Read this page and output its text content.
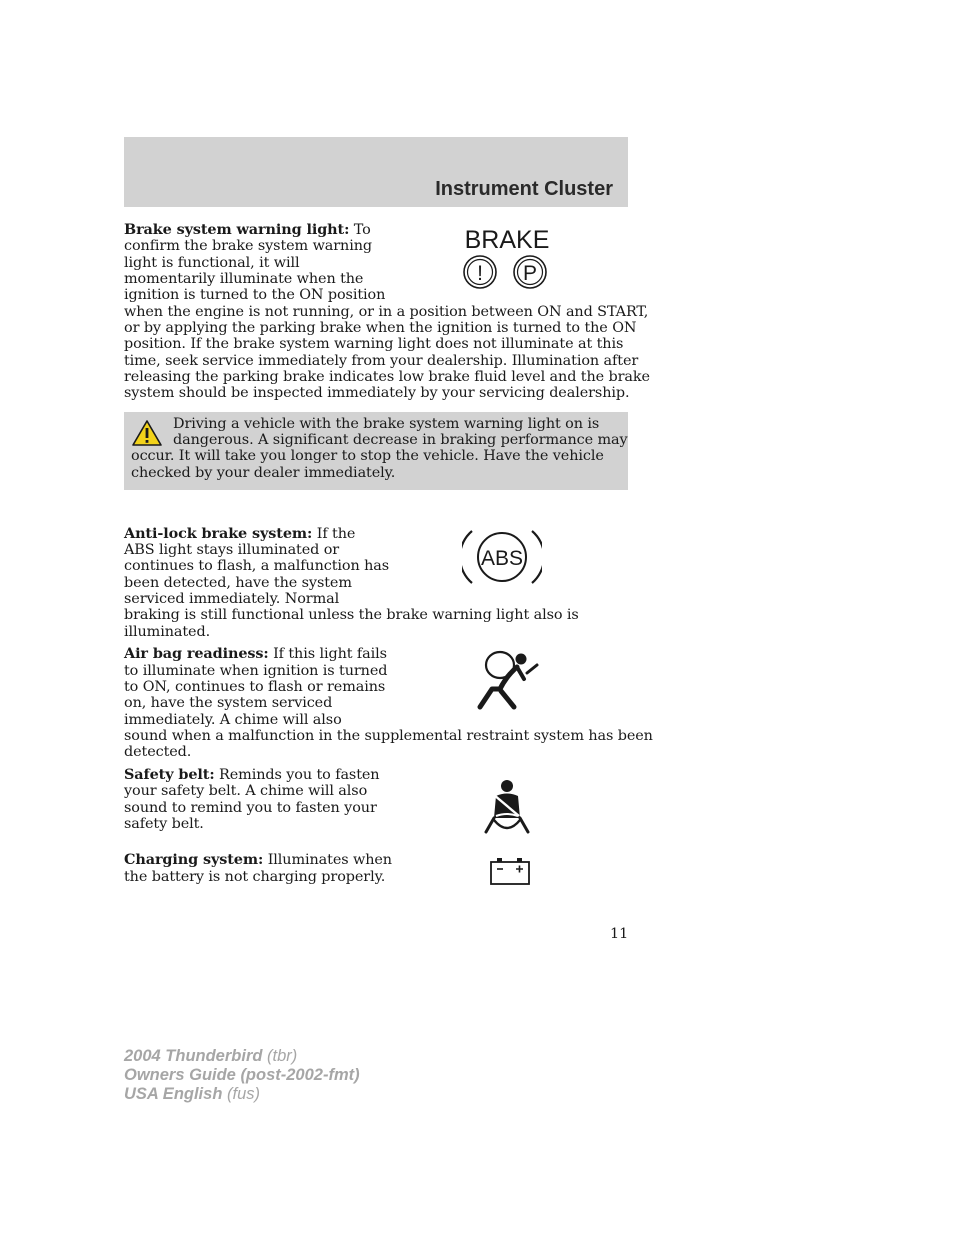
Instrument Cluster

Brake system warning light: To

confirm the brake system warning

light is functional, it will

momentarily illuminate when the

ignition is turned to the ON position

when the engine is not running, or in a position between ON and START,

or by applying the parking brake when the ignition is turned to the ON

position. If the brake system warning light does not illuminate at this

time, seek service immediately from your dealership. Illumination after

releasing the parking brake indicates low brake fluid level and the brake

system should be inspected immediately by your servicing dealership.

BRAKE
! P

Driving a vehicle with the brake system warning light on is

dangerous. A significant decrease in braking performance may

occur. It will take you longer to stop the vehicle. Have the vehicle

checked by your dealer immediately.

Anti-lock brake system: If the

ABS light stays illuminated or

continues to flash, a malfunction has

been detected, have the system

serviced immediately. Normal

braking is still functional unless the brake warning light also is

illuminated.

ABS

Air bag readiness: If this light fails

to illuminate when ignition is turned

to ON, continues to flash or remains

on, have the system serviced

immediately. A chime will also

sound when a malfunction in the supplemental restraint system has been

detected.

Safety belt: Reminds you to fasten

your safety belt. A chime will also

sound to remind you to fasten your

safety belt.

Charging system: Illuminates when

the battery is not charging properly.

11
2004 Thunderbird (tbr)
Owners Guide (post-2002-fmt)
USA English (fus)
